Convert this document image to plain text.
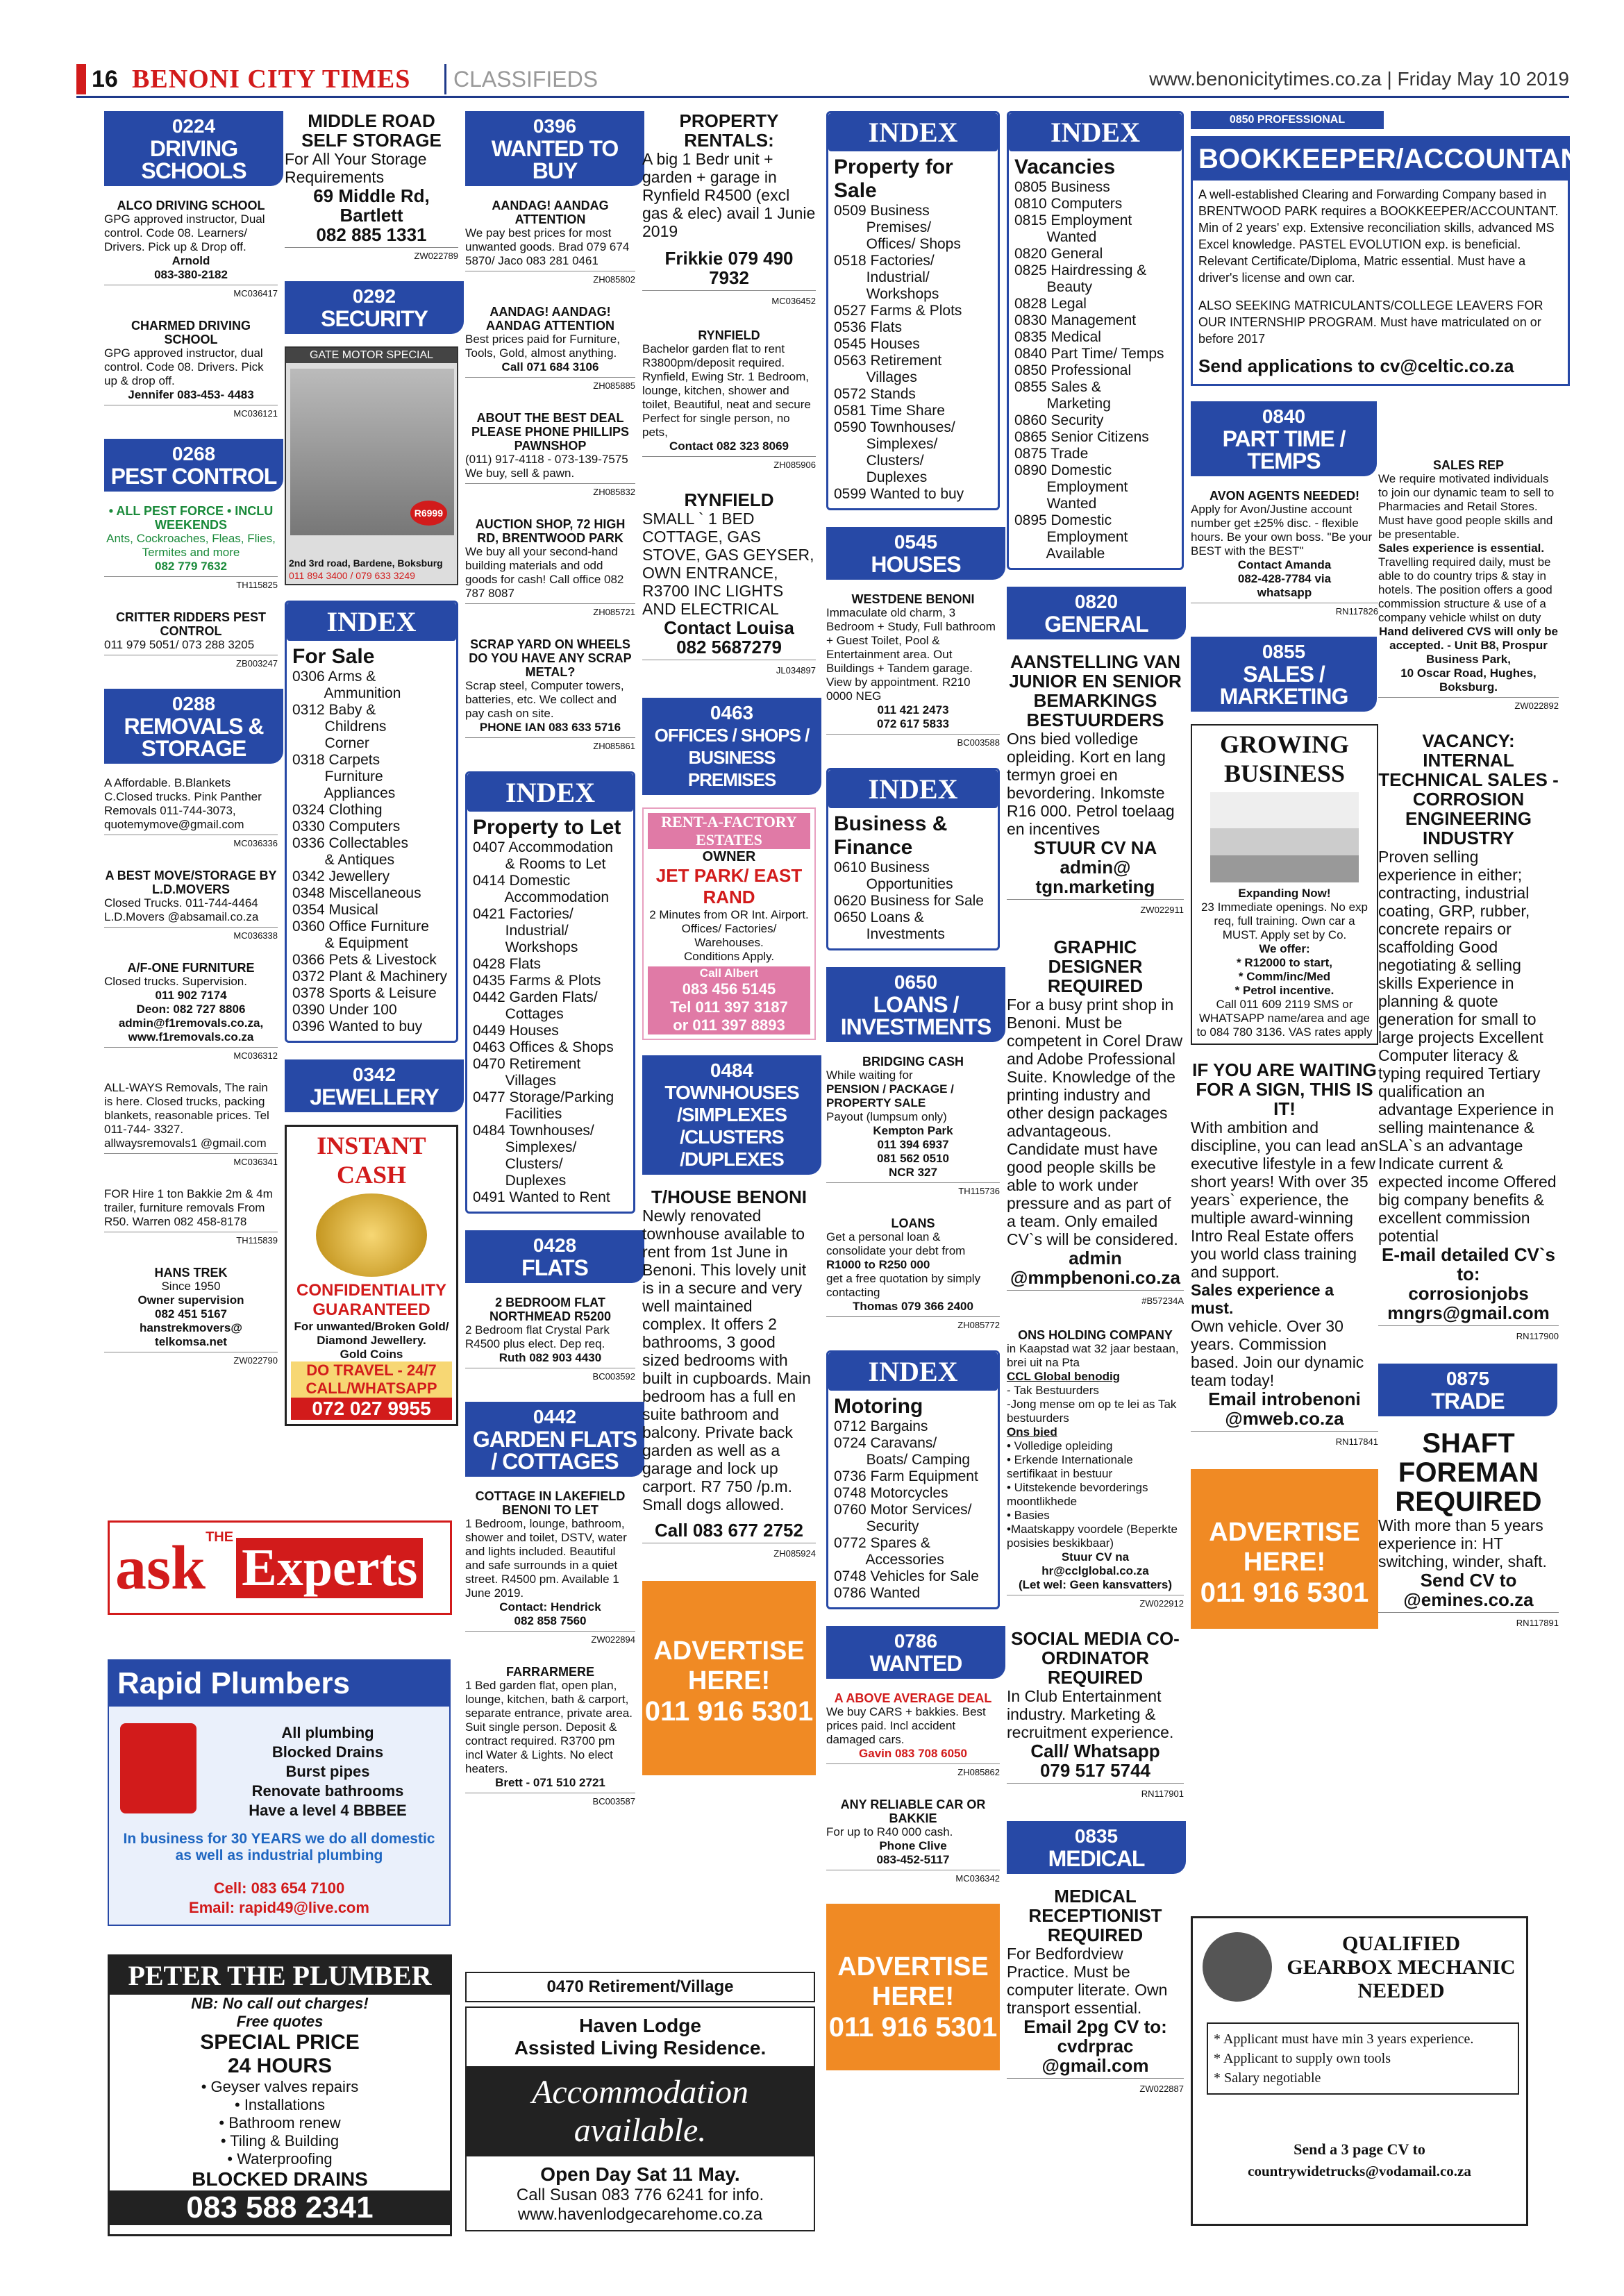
16 BENONI CITY TIMES	CLASSIFIEDS	www.benonicitytimes.co.za | Friday May 10 2019
0224
DRIVING SCHOOLS
ALCO DRIVING SCHOOL
GPG approved instructor, Dual control. Code 08. Learners/ Drivers. Pick up & Drop off.
Arnold
083-380-2182
MC036417
CHARMED DRIVING SCHOOL
GPG approved instructor, dual control. Code 08. Drivers. Pick up & drop off.
Jennifer 083-453- 4483
MC036121
0268
PEST CONTROL
• ALL PEST FORCE • INCLU WEEKENDS
Ants, Cockroaches, Fleas, Flies, Termites and more
082 779 7632
TH115825
CRITTER RIDDERS PEST CONTROL
011 979 5051/ 073 288 3205
ZB003247
0288
REMOVALS & STORAGE
A Affordable. B.Blankets C.Closed trucks. Pink Panther Removals 011-744-3073, quotemymove@gmail.com
MC036336
A BEST MOVE/STORAGE BY L.D.MOVERS
Closed Trucks. 011-744-4464 L.D.Movers @absamail.co.za
MC036338
A/F-ONE FURNITURE
Closed trucks. Supervision.
011 902 7174
Deon: 082 727 8806
admin@f1removals.co.za, www.f1removals.co.za
MC036312
ALL-WAYS Removals, The rain is here. Closed trucks, packing blankets, reasonable prices. Tel 011-744- 3327. allwaysremovals1 @gmail.com
MC036341
FOR Hire 1 ton Bakkie 2m & 4m trailer, furniture removals From R50. Warren 082 458-8178
TH115839
HANS TREK
Since 1950
Owner supervision
082 451 5167
hanstrekmovers@ telkomsa.net
ZW022790
MIDDLE ROAD SELF STORAGE
For All Your Storage Requirements
69 Middle Rd, Bartlett
082 885 1331
ZW022789
0292
SECURITY
GATE MOTOR SPECIAL
R6999
2nd 3rd road, Bardene, Boksburg
011 894 3400 / 079 633 3249
INDEX
For Sale
0306 Arms &
Ammunition
0312 Baby &
Childrens
Corner
0318 Carpets
Furniture
Appliances
0324 Clothing
0330 Computers
0336 Collectables
& Antiques
0342 Jewellery
0348 Miscellaneous
0354 Musical
0360 Office Furniture
& Equipment
0366 Pets & Livestock
0372 Plant & Machinery
0378 Sports & Leisure
0390 Under 100
0396 Wanted to buy
0342
JEWELLERY
INSTANT CASH
CONFIDENTIALITY GUARANTEED
For unwanted/Broken Gold/ Diamond Jewellery.
Gold Coins
DO TRAVEL - 24/7 CALL/WHATSAPP
072 027 9955
0396
WANTED TO BUY
AANDAG! AANDAG ATTENTION
We pay best prices for most unwanted goods. Brad 079 674 5870/ Jaco 083 281 0461
ZH085802
AANDAG! AANDAG! AANDAG ATTENTION
Best prices paid for Furniture, Tools, Gold, almost anything.
Call 071 684 3106
ZH085885
ABOUT THE BEST DEAL PLEASE PHONE PHILLIPS PAWNSHOP
(011) 917-4118 - 073-139-7575
We buy, sell & pawn.
ZH085832
AUCTION SHOP, 72 HIGH RD, BRENTWOOD PARK
We buy all your second-hand building materials and odd goods for cash! Call office 082 787 8087
ZH085721
SCRAP YARD ON WHEELS DO YOU HAVE ANY SCRAP METAL?
Scrap steel, Computer towers, batteries, etc. We collect and pay cash on site.
PHONE IAN 083 633 5716
ZH085861
INDEX
Property to Let
0407 Accommodation
& Rooms to Let
0414 Domestic
Accommodation
0421 Factories/
Industrial/
Workshops
0428 Flats
0435 Farms & Plots
0442 Garden Flats/
Cottages
0449 Houses
0463 Offices & Shops
0470 Retirement
Villages
0477 Storage/Parking
Facilities
0484 Townhouses/
Simplexes/
Clusters/
Duplexes
0491 Wanted to Rent
0428
FLATS
2 BEDROOM FLAT NORTHMEAD R5200
2 Bedroom flat Crystal Park R4500 plus elect. Dep req.
Ruth 082 903 4430
BC003592
0442
GARDEN FLATS / COTTAGES
COTTAGE IN LAKEFIELD BENONI TO LET
1 Bedroom, lounge, bathroom, shower and toilet, DSTV, water and lights included. Beautiful and safe surrounds in a quiet street. R4500 pm. Available 1 June 2019.
Contact: Hendrick
082 858 7560
ZW022894
FARRARMERE
1 Bed garden flat, open plan, lounge, kitchen, bath & carport, separate entrance, private area. Suit single person. Deposit & contract required. R3700 pm incl Water & Lights. No elect heaters.
Brett - 071 510 2721
BC003587
PROPERTY RENTALS:
A big 1 Bedr unit + garden + garage in Rynfield R4500 (excl gas & elec) avail 1 Junie 2019
Frikkie 079 490 7932
MC036452
RYNFIELD
Bachelor garden flat to rent R3800pm/deposit required. Rynfield, Ewing Str. 1 Bedroom, lounge, kitchen, shower and toilet, Beautiful, neat and secure Perfect for single person, no pets,
Contact 082 323 8069
ZH085906
RYNFIELD
SMALL ` 1 BED COTTAGE, GAS STOVE, GAS GEYSER, OWN ENTRANCE, R3700 INC LIGHTS AND ELECTRICAL
Contact Louisa
082 5687279
JL034897
0463
OFFICES / SHOPS / BUSINESS PREMISES
RENT-A-FACTORY ESTATES
OWNER
JET PARK/ EAST RAND
2 Minutes from OR Int. Airport.
Offices/ Factories/ Warehouses.
Conditions Apply.
Call Albert
083 456 5145
Tel 011 397 3187
or 011 397 8893
0484
TOWNHOUSES /SIMPLEXES /CLUSTERS /DUPLEXES
T/HOUSE BENONI
Newly renovated townhouse available to rent from 1st June in Benoni. This lovely unit is in a secure and very well maintained complex. It offers 2 bathrooms, 3 good sized bedrooms with built in cupboards. Main bedroom has a full en suite bathroom and balcony. Private back garden as well as a garage and lock up carport. R7 750 /p.m. Small dogs allowed.
Call 083 677 2752
ZH085924
ADVERTISE HERE!
011 916 5301
INDEX
Property for Sale
0509 Business
Premises/
Offices/ Shops
0518 Factories/
Industrial/
Workshops
0527 Farms & Plots
0536 Flats
0545 Houses
0563 Retirement
Villages
0572 Stands
0581 Time Share
0590 Townhouses/
Simplexes/
Clusters/
Duplexes
0599 Wanted to buy
0545
HOUSES
WESTDENE BENONI
Immaculate old charm, 3 Bedroom + Study, Full bathroom + Guest Toilet, Pool & Entertainment area. Out Buildings + Tandem garage. View by appointment. R210 0000 NEG
011 421 2473
072 617 5833
BC003588
INDEX
Business & Finance
0610 Business
Opportunities
0620 Business for Sale
0650 Loans &
Investments
0650
LOANS / INVESTMENTS
BRIDGING CASH
While waiting for
PENSION / PACKAGE / PROPERTY SALE
Payout (lumpsum only)
Kempton Park
011 394 6937
081 562 0510
NCR 327
TH115736
LOANS
Get a personal loan & consolidate your debt from
R1000 to R250 000
get a free quotation by simply contacting
Thomas 079 366 2400
ZH085772
INDEX
Motoring
0712 Bargains
0724 Caravans/
Boats/ Camping
0736 Farm Equipment
0748 Motorcycles
0760 Motor Services/
Security
0772 Spares &
Accessories
0748 Vehicles for Sale
0786 Wanted
0786
WANTED
A ABOVE AVERAGE DEAL
We buy CARS + bakkies. Best prices paid. Incl accident damaged cars.
Gavin 083 708 6050
ZH085862
ANY RELIABLE CAR OR BAKKIE
For up to R40 000 cash.
Phone Clive
083-452-5117
MC036342
ADVERTISE HERE!
011 916 5301
INDEX
Vacancies
0805 Business
0810 Computers
0815 Employment
Wanted
0820 General
0825 Hairdressing &
Beauty
0828 Legal
0830 Management
0835 Medical
0840 Part Time/ Temps
0850 Professional
0855 Sales &
Marketing
0860 Security
0865 Senior Citizens
0875 Trade
0890 Domestic
Employment
Wanted
0895 Domestic
Employment
Available
0820
GENERAL
AANSTELLING VAN JUNIOR EN SENIOR BEMARKINGS BESTUURDERS
Ons bied volledige opleiding. Kort en lang termyn groei en bevordering. Inkomste R16 000. Petrol toelaag en incentives
STUUR CV NA
admin@
tgn.marketing
ZW022911
GRAPHIC DESIGNER REQUIRED
For a busy print shop in Benoni. Must be competent in Corel Draw and Adobe Professional Suite. Knowledge of the printing industry and other design packages advantageous. Candidate must have good people skills be able to work under pressure and as part of a team. Only emailed CV`s will be considered.
admin
@mmpbenoni.co.za
#B57234A
ONS HOLDING COMPANY
in Kaapstad wat 32 jaar bestaan, brei uit na Pta
CCL Global benodig
- Tak Bestuurders
-Jong mense om op te lei as Tak bestuurders
Ons bied
• Volledige opleiding
• Erkende Internationale sertifikaat in bestuur
• Uitstekende bevorderings moontlikhede
• Basies
•Maatskappy voordele (Beperkte posisies beskikbaar)
Stuur CV na
hr@cclglobal.co.za
(Let wel: Geen kansvatters)
ZW022912
SOCIAL MEDIA CO-ORDINATOR REQUIRED
In Club Entertainment industry. Marketing & recruitment experience.
Call/ Whatsapp
079 517 5744
RN117901
0835
MEDICAL
MEDICAL RECEPTIONIST REQUIRED
For Bedfordview Practice. Must be computer literate. Own transport essential.
Email 2pg CV to:
cvdrprac
@gmail.com
ZW022887
0850 PROFESSIONAL
BOOKKEEPER/ACCOUNTANT
A well-established Clearing and Forwarding Company based in BRENTWOOD PARK requires a BOOKKEEPER/ACCOUNTANT. Min of 2 years' exp. Extensive reconciliation skills, advanced MS Excel knowledge. PASTEL EVOLUTION exp. is beneficial. Relevant Certificate/Diploma, Matric essential. Must have a driver's license and own car.
ALSO SEEKING MATRICULANTS/COLLEGE LEAVERS FOR OUR INTERNSHIP PROGRAM. Must have matriculated on or before 2017
Send applications to cv@celtic.co.za
0840
PART TIME / TEMPS
AVON AGENTS NEEDED!
Apply for Avon/Justine account number get ±25% disc. - flexible hours. Be your own boss. "Be your BEST with the BEST"
Contact Amanda
082-428-7784 via
whatsapp
RN117826
0855
SALES / MARKETING
GROWING BUSINESS
Expanding Now!
23 Immediate openings. No exp req, full training. Own car a MUST. Apply set by Co.
We offer:
* R12000 to start,
* Comm/inc/Med
* Petrol incentive.
Call 011 609 2119 SMS or WHATSAPP name/area and age to 084 780 3136. VAS rates apply
IF YOU ARE WAITING FOR A SIGN, THIS IS IT!
With ambition and discipline, you can lead an executive lifestyle in a few short years! With over 35 years` experience, the multiple award-winning Intro Real Estate offers you world class training and support.
Sales experience a must.
Own vehicle. Over 30 years. Commission based. Join our dynamic team today!
Email introbenoni
@mweb.co.za
RN117841
ADVERTISE HERE!
011 916 5301
SALES REP
We require motivated individuals to join our dynamic team to sell to Pharmacies and Retail Stores. Must have good people skills and be presentable.
Sales experience is essential.
Travelling required daily, must be able to do country trips & stay in hotels. The position offers a good commission structure & use of a company vehicle whilst on duty
Hand delivered CVS will only be accepted. - Unit B8, Prospur Business Park,
10 Oscar Road, Hughes, Boksburg.
ZW022892
VACANCY: INTERNAL TECHNICAL SALES - CORROSION ENGINEERING INDUSTRY
Proven selling experience in either; contracting, industrial coating, GRP, rubber, concrete repairs or scaffolding Good negotiating & selling skills Experience in planning & quote generation for small to large projects Excellent Computer literacy & typing required Tertiary qualification an advantage Experience in selling maintenance & SLA`s an advantage Indicate current & expected income Offered big company benefits & excellent commission potential
E-mail detailed CV`s to:
corrosionjobs
mngrs@gmail.com
RN117900
0875
TRADE
SHAFT FOREMAN REQUIRED
With more than 5 years experience in: HT switching, winder, shaft.
Send CV to
@emines.co.za
RN117891
ask THE
Experts
Rapid Plumbers
All plumbing
Blocked Drains
Burst pipes
Renovate bathrooms
Have a level 4 BBBEE
In business for 30 YEARS we do all domestic as well as industrial plumbing
Cell: 083 654 7100
Email: rapid49@live.com
PETER THE PLUMBER
NB: No call out charges!
Free quotes
SPECIAL PRICE
24 HOURS
• Geyser valves repairs
• Installations
• Bathroom renew
• Tiling & Building
• Waterproofing
BLOCKED DRAINS
083 588 2341
0470 Retirement/Village
Haven Lodge
Assisted Living Residence.
Accommodation available.
Open Day Sat 11 May.
Call Susan 083 776 6241 for info.
www.havenlodgecarehome.co.za
QUALIFIED
GEARBOX MECHANIC
NEEDED
* Applicant must have min 3 years experience.
* Applicant to supply own tools
* Salary negotiable
Send a 3 page CV to
countrywidetrucks@vodamail.co.za
